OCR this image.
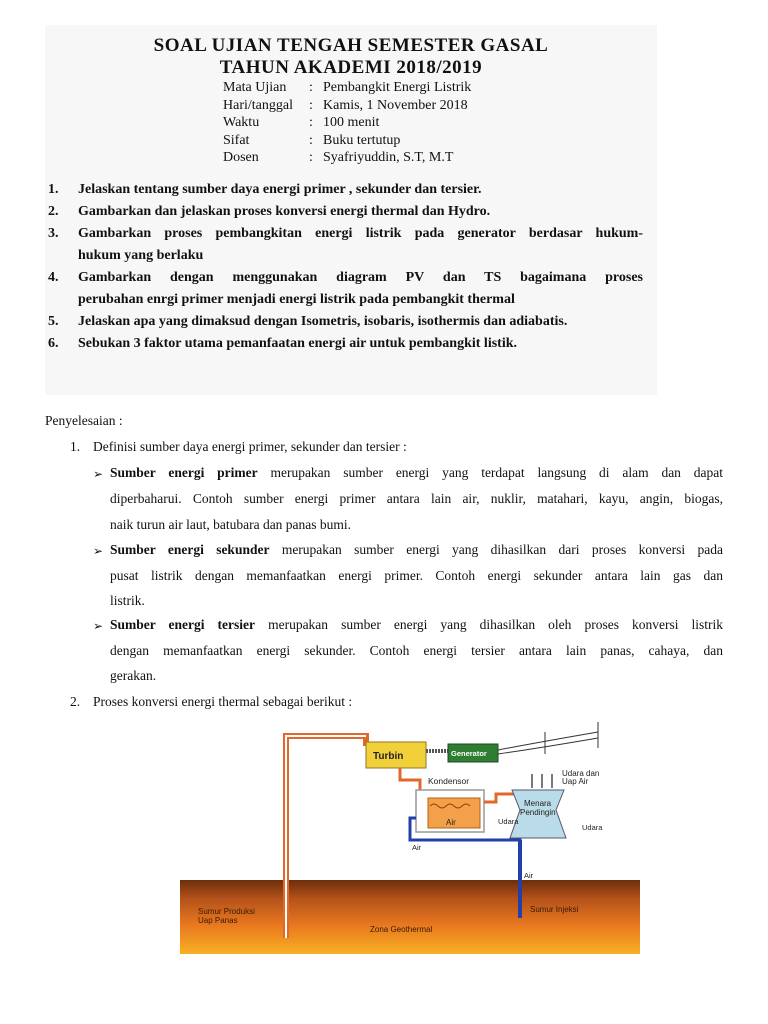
SOAL UJIAN TENGAH SEMESTER GASAL
TAHUN AKADEMI 2018/2019
Mata Ujian	: Pembangkit Energi Listrik
Hari/tanggal	: Kamis, 1 November 2018
Waktu	: 100 menit
Sifat	: Buku tertutup
Dosen	: Syafriyuddin, S.T, M.T
1. Jelaskan tentang sumber daya energi primer , sekunder dan tersier.
2. Gambarkan dan jelaskan proses konversi energi thermal dan Hydro.
3. Gambarkan proses pembangkitan energi listrik pada generator berdasar hukum-
hukum yang berlaku
4. Gambarkan dengan menggunakan diagram PV dan TS bagaimana proses
perubahan enrgi primer menjadi energi listrik pada pembangkit thermal
5. Jelaskan apa yang dimaksud dengan Isometris, isobaris, isothermis dan adiabatis.
6. Sebukan 3 faktor utama pemanfaatan energi air untuk pembangkit listik.
Penyelesaian :
1. Definisi sumber daya energi primer, sekunder dan tersier :
➢ Sumber energi primer merupakan sumber energi yang terdapat langsung di alam dan dapat
diperbaharui. Contoh sumber energi primer antara lain air, nuklir, matahari, kayu, angin, biogas,
naik turun air laut, batubara dan panas bumi.
➢ Sumber energi sekunder merupakan sumber energi yang dihasilkan dari proses konversi pada
pusat listrik dengan memanfaatkan energi primer. Contoh energi sekunder antara lain gas dan
listrik.
➢ Sumber energi tersier merupakan sumber energi yang dihasilkan oleh proses konversi listrik
dengan memanfaatkan energi sekunder. Contoh energi tersier antara lain panas, cahaya, dan
gerakan.
2. Proses konversi energi thermal sebagai berikut :
Turbin	Generator
Kondensor
Air
Air
Menara
Pendingin
Udara dan
Uap Air
Udara
Udara
Air
Sumur Produksi
Uap Panas
Zona Geothermal
Sumur Injeksi
